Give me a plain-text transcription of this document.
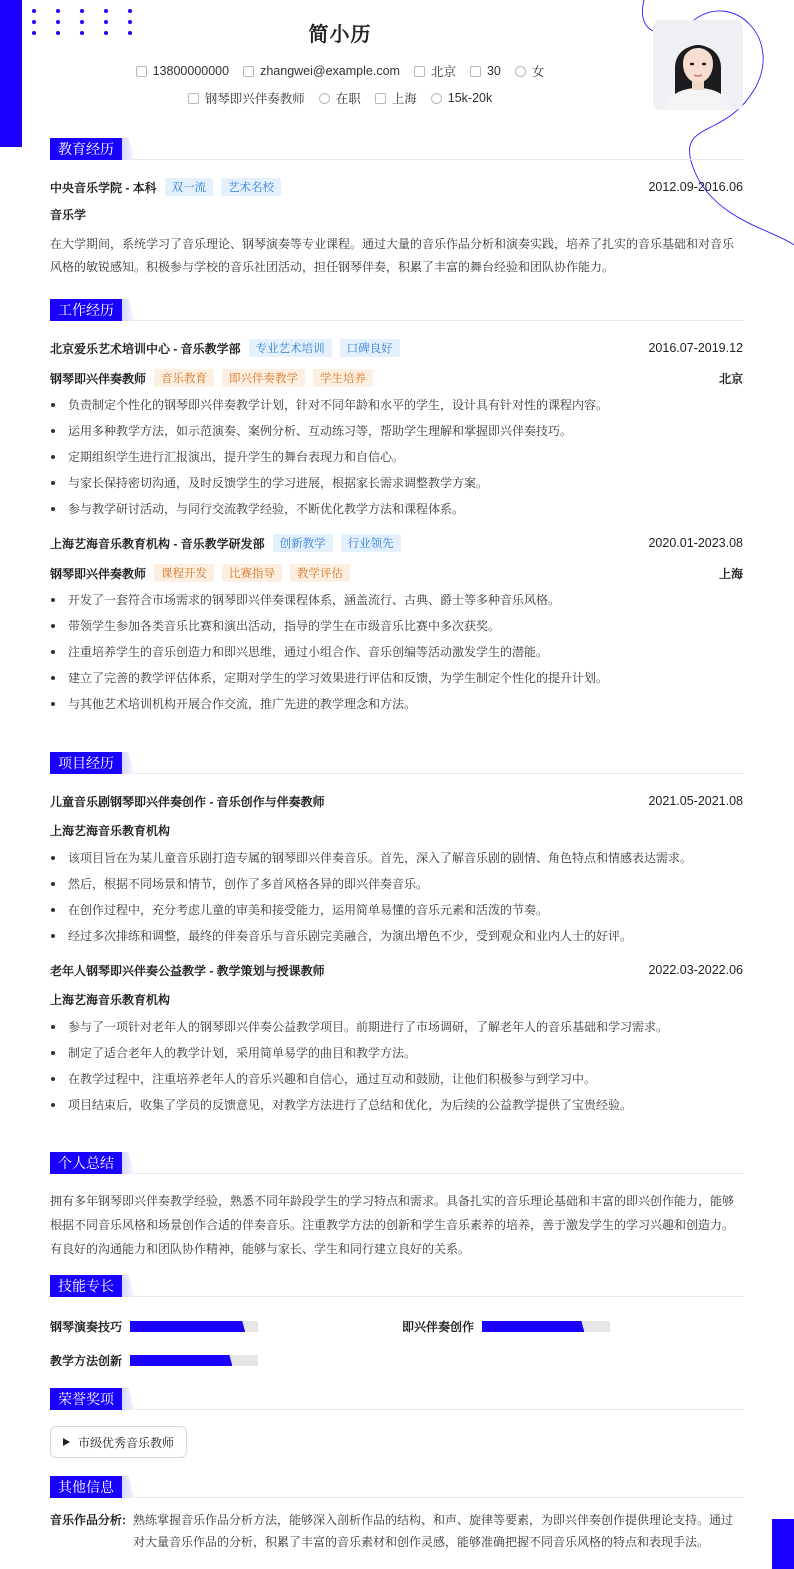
简小历
13800000000 zhangwei@example.com 北京 30 女
钢琴即兴伴奏教师 在职 上海 15k-20k
教育经历
中央音乐学院 - 本科	双一流	艺术名校	2012.09-2016.06
音乐学
在大学期间，系统学习了音乐理论、钢琴演奏等专业课程。通过大量的音乐作品分析和演奏实践，培养了扎实的音乐基础和对音乐风格的敏锐感知。积极参与学校的音乐社团活动，担任钢琴伴奏，积累了丰富的舞台经验和团队协作能力。
工作经历
北京爱乐艺术培训中心 - 音乐教学部	专业艺术培训	口碑良好	2016.07-2019.12
钢琴即兴伴奏教师	音乐教育	即兴伴奏教学	学生培养	北京
负责制定个性化的钢琴即兴伴奏教学计划，针对不同年龄和水平的学生，设计具有针对性的课程内容。
运用多种教学方法，如示范演奏、案例分析、互动练习等，帮助学生理解和掌握即兴伴奏技巧。
定期组织学生进行汇报演出，提升学生的舞台表现力和自信心。
与家长保持密切沟通，及时反馈学生的学习进展，根据家长需求调整教学方案。
参与教学研讨活动，与同行交流教学经验，不断优化教学方法和课程体系。
上海艺海音乐教育机构 - 音乐教学研发部	创新教学	行业领先	2020.01-2023.08
钢琴即兴伴奏教师	课程开发	比赛指导	教学评估	上海
开发了一套符合市场需求的钢琴即兴伴奏课程体系，涵盖流行、古典、爵士等多种音乐风格。
带领学生参加各类音乐比赛和演出活动，指导的学生在市级音乐比赛中多次获奖。
注重培养学生的音乐创造力和即兴思维，通过小组合作、音乐创编等活动激发学生的潜能。
建立了完善的教学评估体系，定期对学生的学习效果进行评估和反馈，为学生制定个性化的提升计划。
与其他艺术培训机构开展合作交流，推广先进的教学理念和方法。
项目经历
儿童音乐剧钢琴即兴伴奏创作 - 音乐创作与伴奏教师	2021.05-2021.08
上海艺海音乐教育机构
该项目旨在为某儿童音乐剧打造专属的钢琴即兴伴奏音乐。首先，深入了解音乐剧的剧情、角色特点和情感表达需求。
然后，根据不同场景和情节，创作了多首风格各异的即兴伴奏音乐。
在创作过程中，充分考虑儿童的审美和接受能力，运用简单易懂的音乐元素和活泼的节奏。
经过多次排练和调整，最终的伴奏音乐与音乐剧完美融合，为演出增色不少，受到观众和业内人士的好评。
老年人钢琴即兴伴奏公益教学 - 教学策划与授课教师	2022.03-2022.06
上海艺海音乐教育机构
参与了一项针对老年人的钢琴即兴伴奏公益教学项目。前期进行了市场调研，了解老年人的音乐基础和学习需求。
制定了适合老年人的教学计划，采用简单易学的曲目和教学方法。
在教学过程中，注重培养老年人的音乐兴趣和自信心，通过互动和鼓励，让他们积极参与到学习中。
项目结束后，收集了学员的反馈意见，对教学方法进行了总结和优化，为后续的公益教学提供了宝贵经验。
个人总结
拥有多年钢琴即兴伴奏教学经验，熟悉不同年龄段学生的学习特点和需求。具备扎实的音乐理论基础和丰富的即兴创作能力，能够根据不同音乐风格和场景创作合适的伴奏音乐。注重教学方法的创新和学生音乐素养的培养，善于激发学生的学习兴趣和创造力。有良好的沟通能力和团队协作精神，能够与家长、学生和同行建立良好的关系。
技能专长
钢琴演奏技巧	即兴伴奏创作
教学方法创新
荣誉奖项
市级优秀音乐教师
其他信息
音乐作品分析: 熟练掌握音乐作品分析方法，能够深入剖析作品的结构、和声、旋律等要素，为即兴伴奏创作提供理论支持。通过对大量音乐作品的分析，积累了丰富的音乐素材和创作灵感，能够准确把握不同音乐风格的特点和表现手法。
